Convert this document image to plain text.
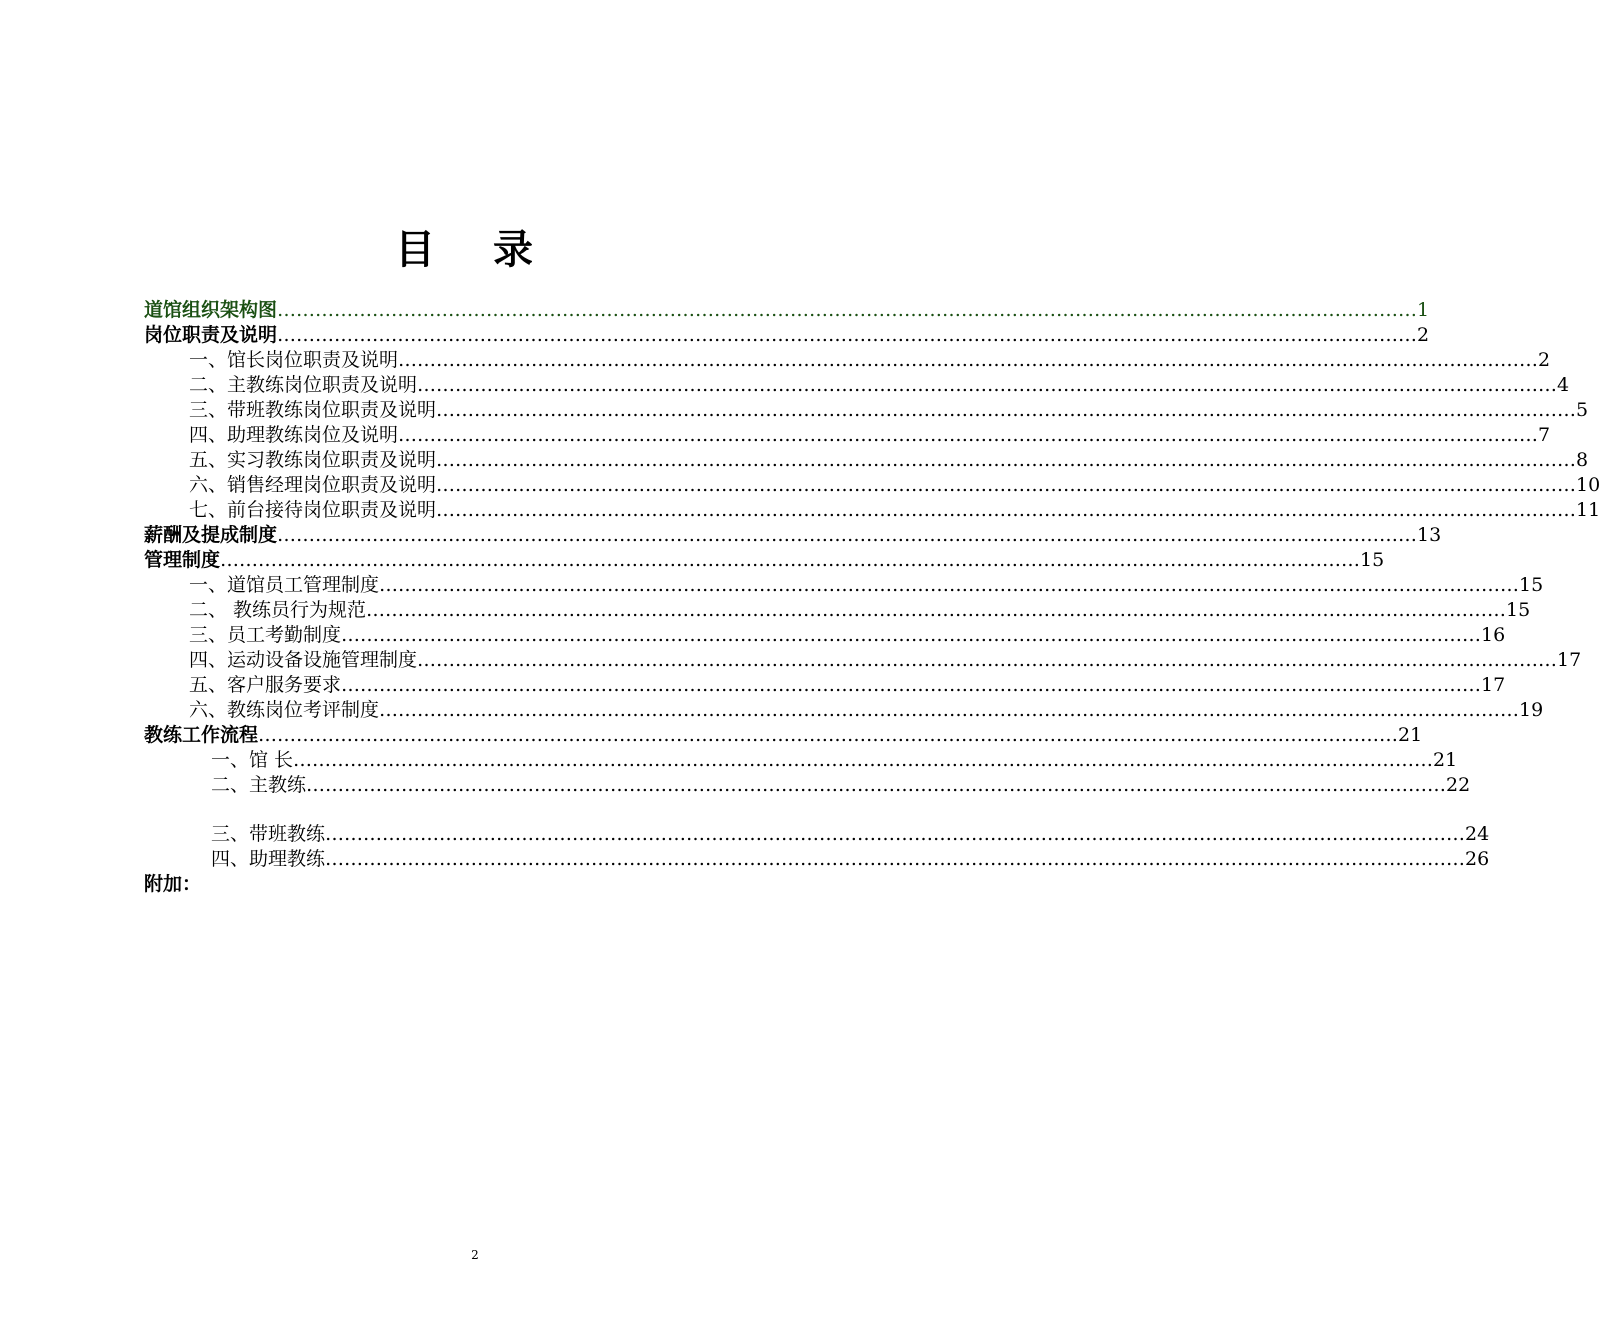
目 录
道馆组织架构图 ……………………………………………………………………………………………………………………………………………………………… 1
岗位职责及说明 ……………………………………………………………………………………………………………………………………………………………… 2
一、馆长岗位职责及说明 ……………………………………………………………………………………………………………………………………………………………… 2
二、主教练岗位职责及说明 ……………………………………………………………………………………………………………………………………………………………… 4
三、带班教练岗位职责及说明 ……………………………………………………………………………………………………………………………………………………………… 5
四、助理教练岗位及说明 ……………………………………………………………………………………………………………………………………………………………… 7
五、实习教练岗位职责及说明 ……………………………………………………………………………………………………………………………………………………………… 8
六、销售经理岗位职责及说明 ……………………………………………………………………………………………………………………………………………………………… 10
七、前台接待岗位职责及说明 ……………………………………………………………………………………………………………………………………………………………… 11
薪酬及提成制度 ……………………………………………………………………………………………………………………………………………………………… 13
管理制度 ……………………………………………………………………………………………………………………………………………………………… 15
一、道馆员工管理制度 ……………………………………………………………………………………………………………………………………………………………… 15
二、 教练员行为规范 ……………………………………………………………………………………………………………………………………………………………… 15
三、员工考勤制度 ……………………………………………………………………………………………………………………………………………………………… 16
四、运动设备设施管理制度 ……………………………………………………………………………………………………………………………………………………………… 17
五、客户服务要求 ……………………………………………………………………………………………………………………………………………………………… 17
六、教练岗位考评制度 ……………………………………………………………………………………………………………………………………………………………… 19
教练工作流程 ……………………………………………………………………………………………………………………………………………………………… 21
一、馆 长 ……………………………………………………………………………………………………………………………………………………………… 21
二、主教练 ……………………………………………………………………………………………………………………………………………………………… 22
三、带班教练 ……………………………………………………………………………………………………………………………………………………………… 24
四、助理教练 ……………………………………………………………………………………………………………………………………………………………… 26
附加：
2
